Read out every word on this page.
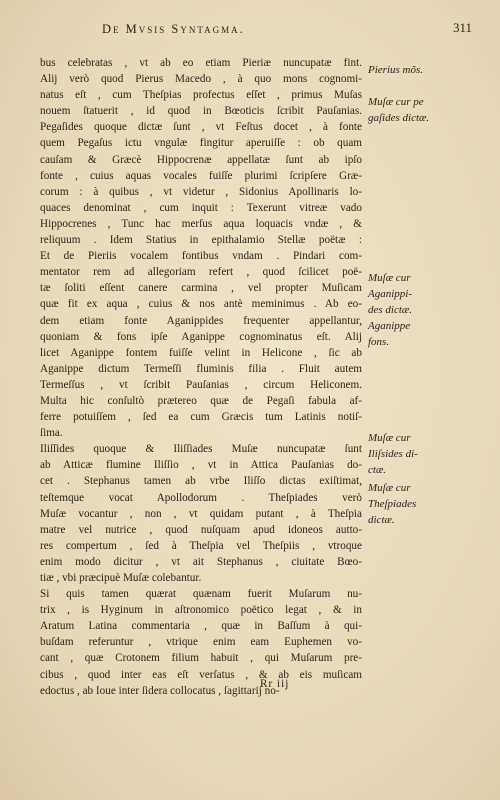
De Mvsis Syntagma.	311
bus celebratas , vt ab eo etiam Pieriæ nuncupatæ fint.
Alij verò quod Pierus Macedo , à quo mons cognomi-
natus eſt , cum Theſpias profectus eſſet , primus Muſas
nouem ſtatuerit , id quod in Bœoticis ſcribit Pauſanias.
Pegaſides quoque dictæ ſunt , vt Feſtus docet , à fonte
quem Pegaſus ictu vngulæ fingitur aperuiſſe : ob quam
cauſam & Græcè Hippocrenæ appellatæ ſunt ab ipſo
fonte , cuius aquas vocales fuiſſe plurimi ſcripſere Græ-
corum : à quibus , vt videtur , Sidonius Apollinaris lo-
quaces denominat , cum inquit : Texerunt vitreæ vado
Hippocrenes , Tunc hac merſus aqua loquacis vndæ , &
reliquum . Idem Statius in epithalamio Stellæ poëtæ :
Et de Pieriis vocalem fontibus vndam . Pindari com-
mentator rem ad allegoriam refert , quod ſcilicet poë-
tæ ſoliti eſſent canere carmina , vel propter Muſicam
quæ fit ex aqua , cuius & nos antè meminimus . Ab eo-
dem etiam fonte Aganippides frequenter appellantur,
quoniam & fons ipſe Aganippe cognominatus eſt. Alij
licet Aganippe fontem fuiſſe velint in Helicone , ſic ab
Aganippe dictum Termeſſi fluminis filia . Fluit autem
Termeſſus , vt ſcribit Pauſanias , circum Heliconem.
Multa hic conſultò prætereo quæ de Pegaſi fabula af-
ferre potuiſſem , ſed ea cum Græcis tum Latinis notiſ-
ſima.
Iliſſides quoque & Iliſſiades Muſæ nuncupatæ ſunt
ab Atticæ flumine Iliſſio , vt in Attica Pauſanias do-
cet . Stephanus tamen ab vrbe Iliſſo dictas exiſtimat,
teſtemque vocat Apollodorum . Theſpiades verò
Muſæ vocantur , non , vt quidam putant , à Theſpia
matre vel nutrice , quod nuſquam apud idoneos autto-
res compertum , ſed à Theſpia vel Theſpiis , vtroque
enim modo dicitur , vt ait Stephanus , ciuitate Bœo-
tiæ , vbi præcipuè Muſæ colebantur.
Si quis tamen quærat quænam fuerit Muſarum nu-
trix , is Hyginum in aſtronomico poëtico legat , & in
Aratum Latina commentaria , quæ in Baſſum à qui-
buſdam referuntur , vtrique enim eam Euphemen vo-
cant , quæ Crotonem filium habuit , qui Muſarum pre-
cibus , quod inter eas eſt verſatus , & ab eis muſicam
edoctus , ab Ioue inter ſidera collocatus , ſagittarij no-
Pierius mõs.
Muſæ cur pe
gaſides dictæ.
Muſæ cur
Aganippi-
des dictæ.
Aganippe
fons.
Muſæ cur
Iliſsides di-
ctæ.
Muſæ cur
Theſpiades
dictæ.
Rr iij
